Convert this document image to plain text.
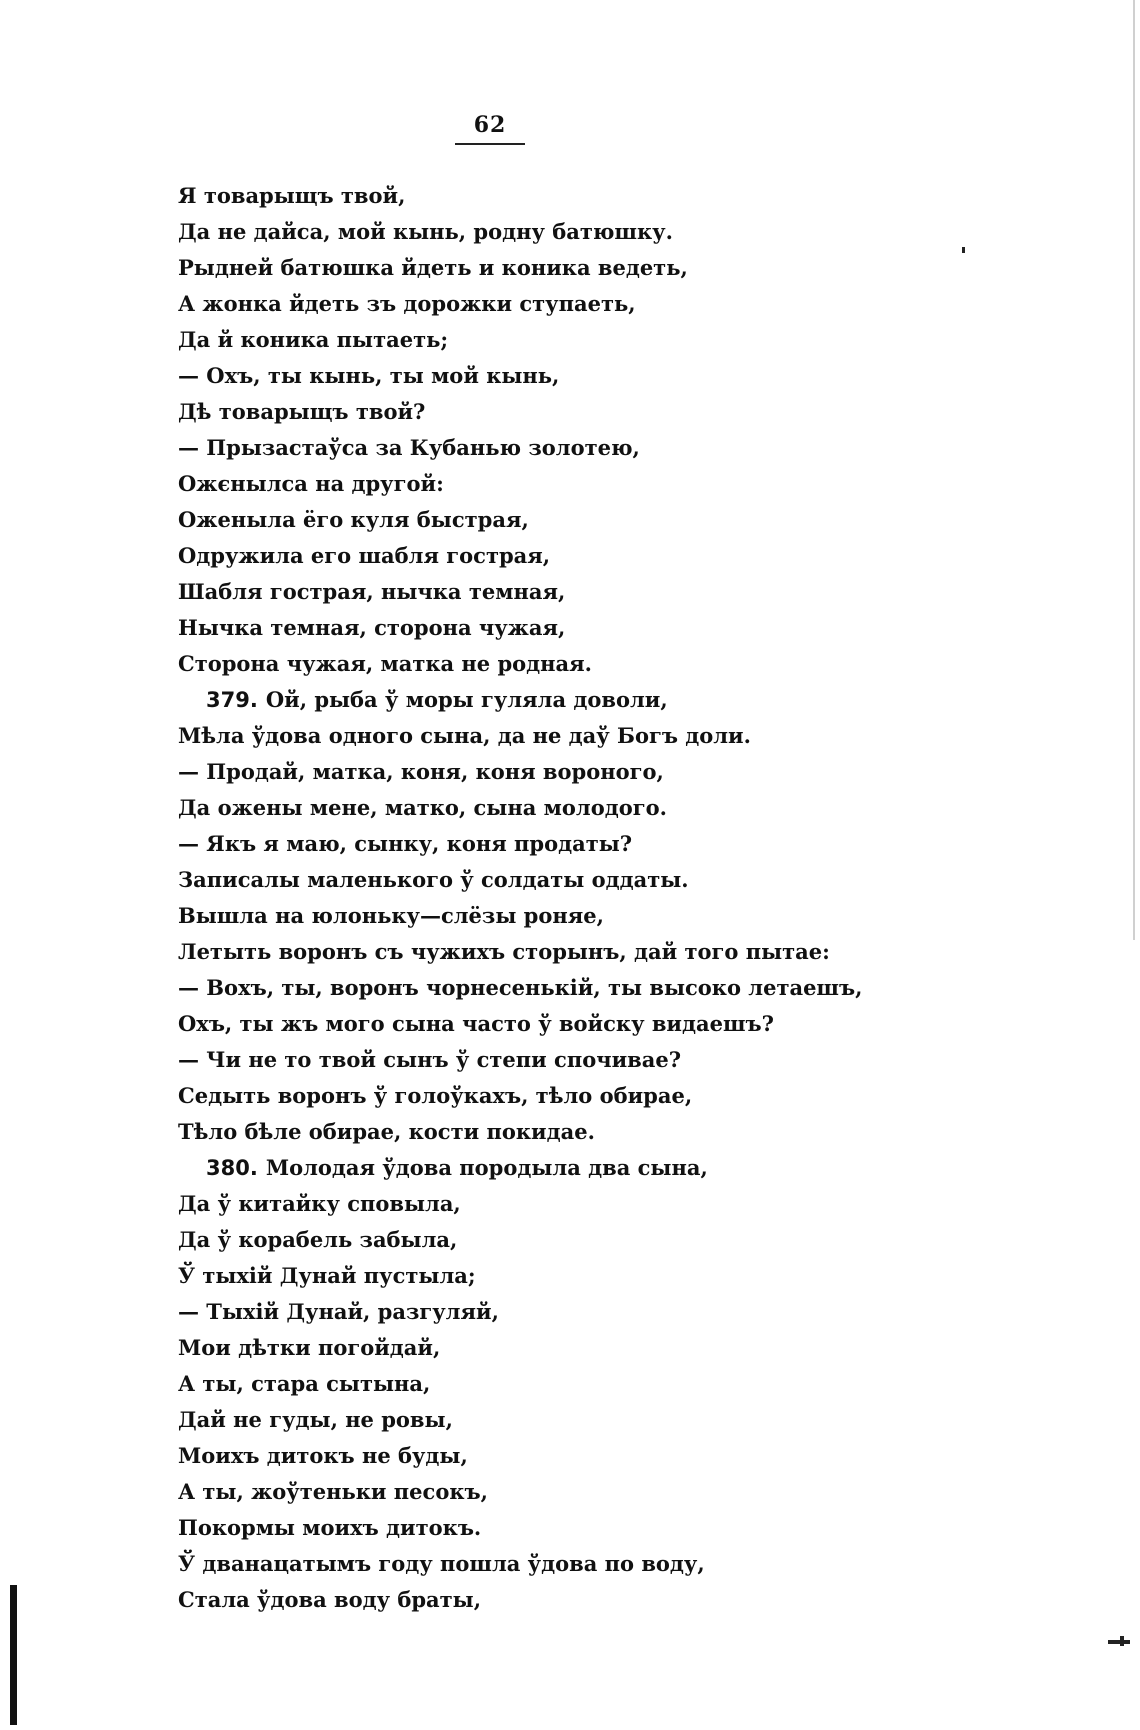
62
Я товарыщъ твой,
Да не дайса, мой кынь, родну батюшку.
Рыдней батюшка йдеть и коника ведеть,
А жонка йдеть зъ дорожки ступаеть,
Да й коника пытаеть;
— Охъ, ты кынь, ты мой кынь,
Дѣ товарыщъ твой?
— Прызастаўса за Кубанью золотею,
Ожєнылса на другой:
Оженыла ёго куля быстрая,
Одружила его шабля гострая,
Шабля гострая, нычка темная,
Нычка темная, сторона чужая,
Сторона чужая, матка не родная.
379. Ой, рыба ў моры гуляла доволи,
Мѣла ўдова одного сына, да не даў Богъ доли.
— Продай, матка, коня, коня вороного,
Да ожены мене, матко, сына молодого.
— Якъ я маю, сынку, коня продаты?
Записалы маленького ў солдаты оддаты.
Вышла на юлоньку—слёзы роняе,
Летыть воронъ съ чужихъ сторынъ, дай того пытае:
— Вохъ, ты, воронъ чорнесенькій, ты высоко летаешъ,
Охъ, ты жъ мого сына часто ў войску видаешъ?
— Чи не то твой сынъ ў степи спочивае?
Седыть воронъ ў голоўкахъ, тѣло обирае,
Тѣло бѣле обирае, кости покидае.
380. Молодая ўдова породыла два сына,
Да ў китайку сповыла,
Да ў корабель забыла,
Ў тыхій Дунай пустыла;
— Тыхій Дунай, разгуляй,
Мои дѣтки погойдай,
А ты, стара сытына,
Дай не гуды, не ровы,
Моихъ дитокъ не буды,
А ты, жоўтеньки песокъ,
Покормы моихъ дитокъ.
Ў дванацатымъ году пошла ўдова по воду,
Стала ўдова воду браты,
